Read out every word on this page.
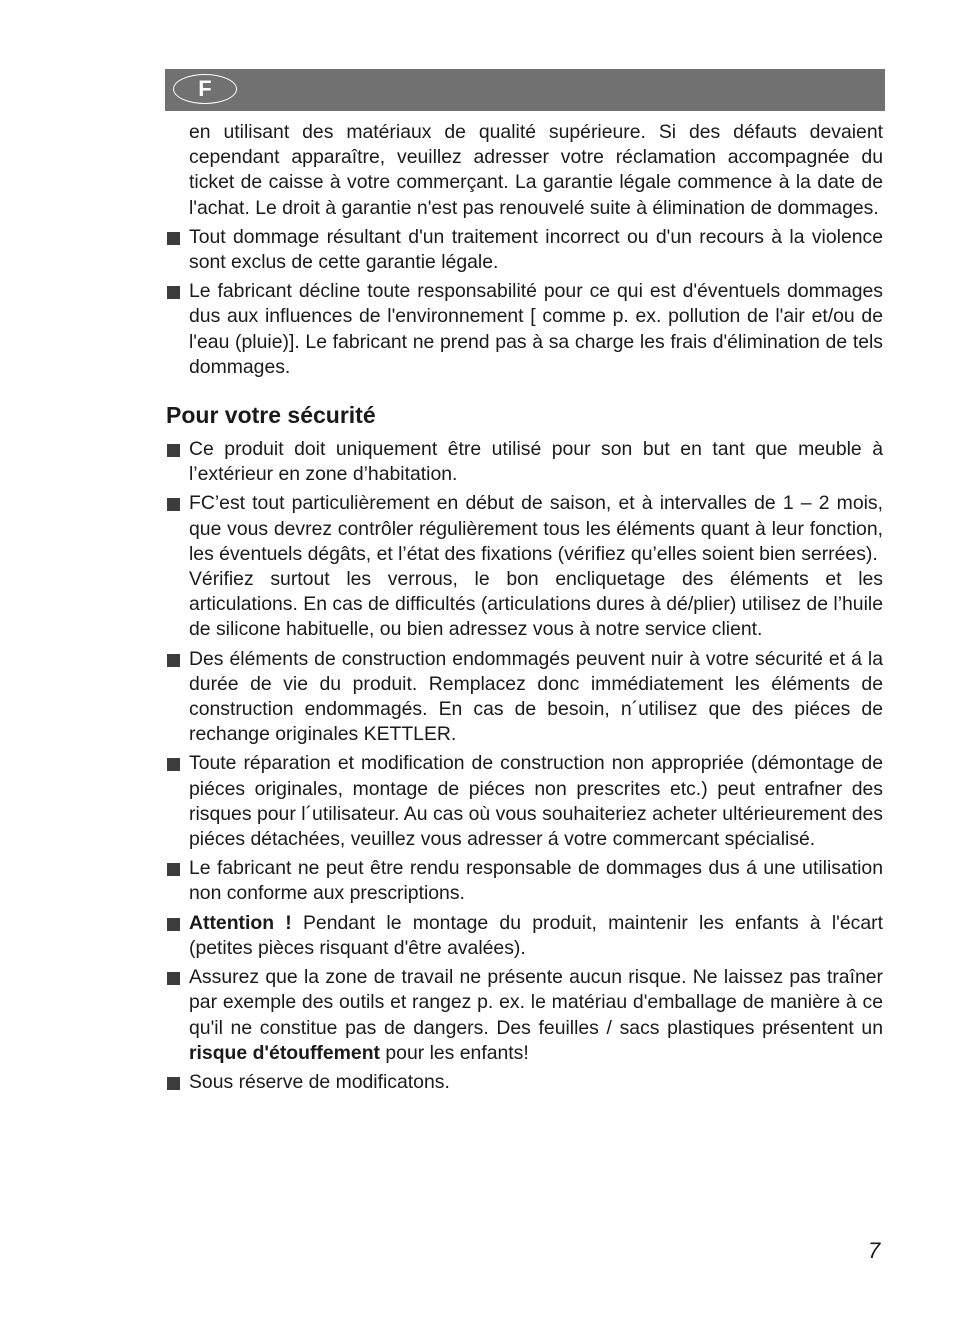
F

en utilisant des matériaux de qualité supérieure. Si des défauts devaient cependant apparaître, veuillez adresser votre réclamation accompagnée du ticket de caisse à votre commerçant. La garantie légale commence à la date de l'achat. Le droit à garantie n'est pas renouvelé suite à élimination de dommages.

Tout dommage résultant d'un traitement incorrect ou d'un recours à la violence sont exclus de cette garantie légale.
Le fabricant décline toute responsabilité pour ce qui est d'éventuels dommages dus aux influences de l'environnement [ comme p. ex. pollution de l'air et/ou de l'eau (pluie)]. Le fabricant ne prend pas à sa charge les frais d'élimination de tels dommages.
Pour votre sécurité
Ce produit doit uniquement être utilisé pour son but en tant que meuble à l’extérieur en zone d’habitation.
FC’est tout particulièrement en début de saison, et à intervalles de 1 – 2 mois, que vous devrez contrôler régulièrement tous les éléments quant à leur fonction, les éventuels dégâts, et l’état des fixations (vérifiez qu’elles soient bien serrées).
Vérifiez surtout les verrous, le bon encliquetage des éléments et les articulations. En cas de difficultés (articulations dures à dé/plier) utilisez de l’huile de silicone habituelle, ou bien adressez vous à notre service client.
Des éléments de construction endommagés peuvent nuir à votre sécurité et á la durée de vie du produit. Remplacez donc immédiatement les éléments de construction endommagés. En cas de besoin, n´utilisez que des piéces de rechange originales KETTLER.
Toute réparation et modification de construction non appropriée (démontage de piéces originales, montage de piéces non prescrites etc.) peut entrafner des risques pour l´utilisateur. Au cas où vous souhaiteriez acheter ultérieurement des piéces détachées, veuillez vous adresser á votre commercant spécialisé.
Le fabricant ne peut être rendu responsable de dommages dus á une utilisation non conforme aux prescriptions.
Attention ! Pendant le montage du produit, maintenir les enfants à l'écart (petites pièces risquant d'être avalées).
Assurez que la zone de travail ne présente aucun risque. Ne laissez pas traîner par exemple des outils et rangez p. ex. le matériau d'emballage de manière à ce qu'il ne constitue pas de dangers. Des feuilles / sacs plastiques présentent un risque d'étouffement pour les enfants!
Sous réserve de modificatons.
7
